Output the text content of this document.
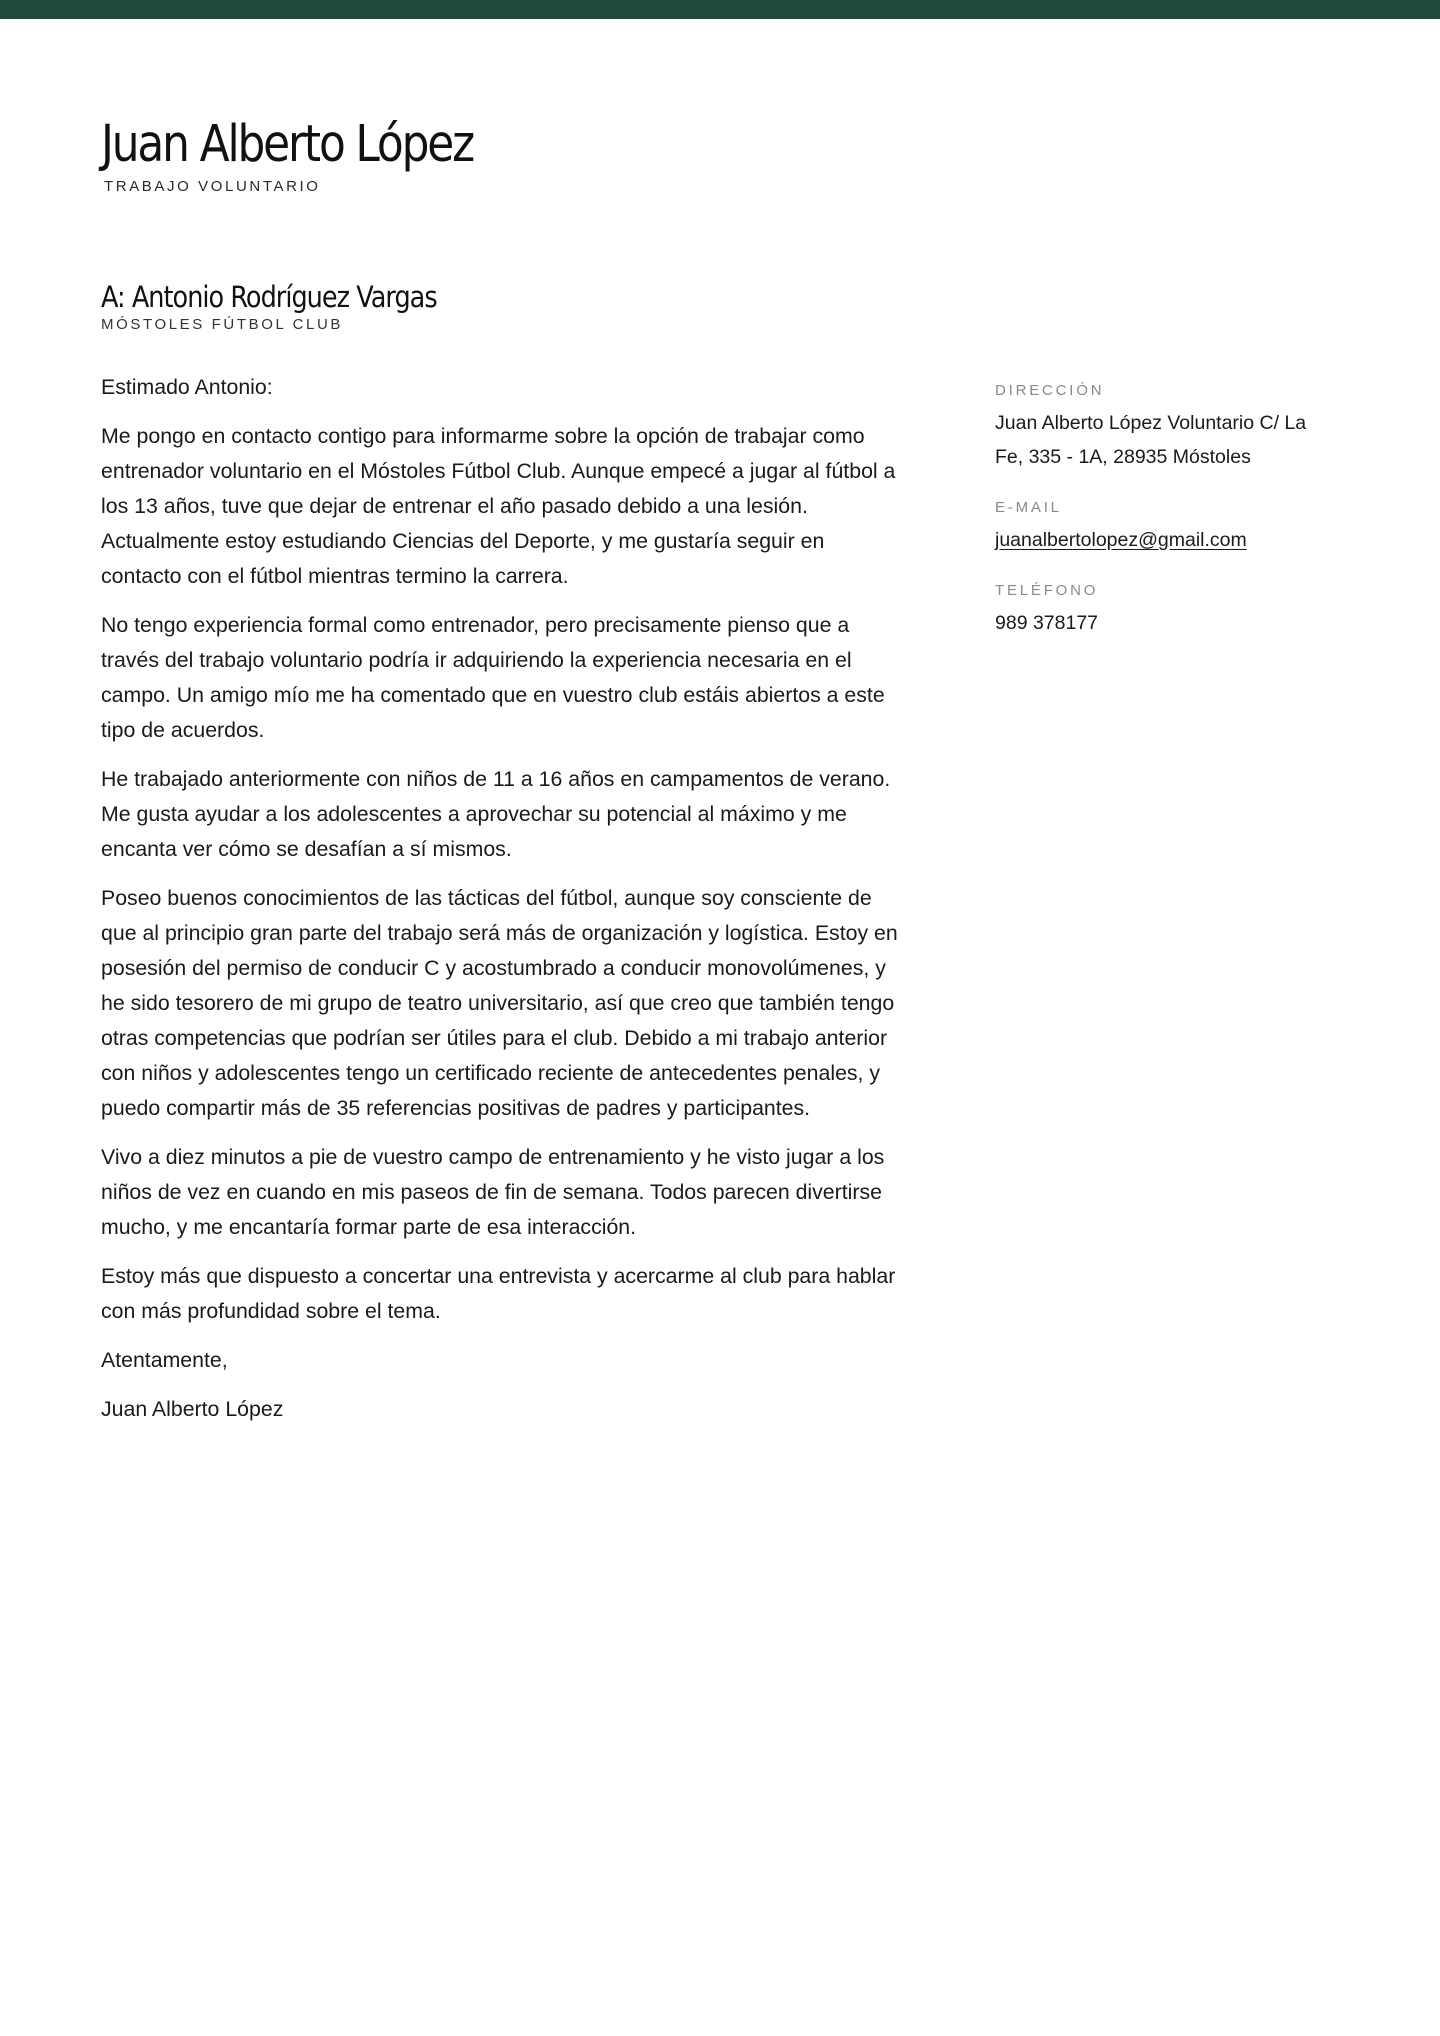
Juan Alberto López
TRABAJO VOLUNTARIO
A: Antonio Rodríguez Vargas
MÓSTOLES FÚTBOL CLUB

Estimado Antonio:

Me pongo en contacto contigo para informarme sobre la opción de trabajar como entrenador voluntario en el Móstoles Fútbol Club. Aunque empecé a jugar al fútbol a los 13 años, tuve que dejar de entrenar el año pasado debido a una lesión. Actualmente estoy estudiando Ciencias del Deporte, y me gustaría seguir en contacto con el fútbol mientras termino la carrera.

No tengo experiencia formal como entrenador, pero precisamente pienso que a través del trabajo voluntario podría ir adquiriendo la experiencia necesaria en el campo. Un amigo mío me ha comentado que en vuestro club estáis abiertos a este tipo de acuerdos.

He trabajado anteriormente con niños de 11 a 16 años en campamentos de verano. Me gusta ayudar a los adolescentes a aprovechar su potencial al máximo y me encanta ver cómo se desafían a sí mismos.

Poseo buenos conocimientos de las tácticas del fútbol, aunque soy consciente de que al principio gran parte del trabajo será más de organización y logística. Estoy en posesión del permiso de conducir C y acostumbrado a conducir monovolúmenes, y he sido tesorero de mi grupo de teatro universitario, así que creo que también tengo otras competencias que podrían ser útiles para el club. Debido a mi trabajo anterior con niños y adolescentes tengo un certificado reciente de antecedentes penales, y puedo compartir más de 35 referencias positivas de padres y participantes.

Vivo a diez minutos a pie de vuestro campo de entrenamiento y he visto jugar a los niños de vez en cuando en mis paseos de fin de semana. Todos parecen divertirse mucho, y me encantaría formar parte de esa interacción.

Estoy más que dispuesto a concertar una entrevista y acercarme al club para hablar con más profundidad sobre el tema.

Atentamente,

Juan Alberto López

DIRECCIÓN
Juan Alberto López Voluntario C/ La Fe, 335 - 1A, 28935 Móstoles
E-MAIL
juanalbertolopez@gmail.com
TELÉFONO
989 378177
